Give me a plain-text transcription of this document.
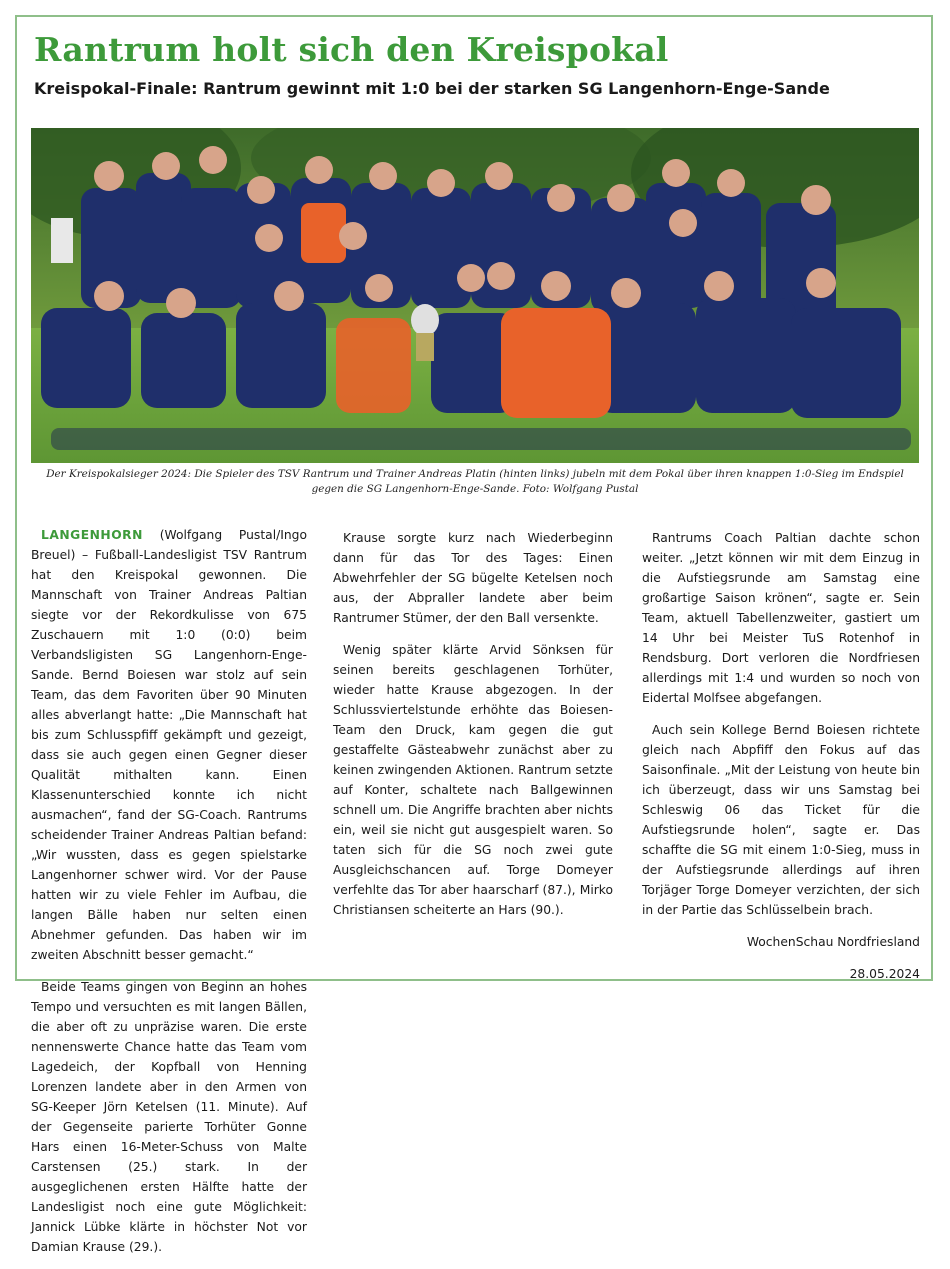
Rantrum holt sich den Kreispokal
Kreispokal-Finale: Rantrum gewinnt mit 1:0 bei der starken SG Langenhorn-Enge-Sande
Der Kreispokalsieger 2024: Die Spieler des TSV Rantrum und Trainer Andreas Platin (hinten links) jubeln mit dem Pokal über ihren knappen 1:0-Sieg im Endspiel gegen die SG Langenhorn-Enge-Sande. Foto: Wolfgang Pustal

LANGENHORN (Wolfgang Pustal/Ingo Breuel) – Fußball-Landesligist TSV Rantrum hat den Kreispokal gewonnen. Die Mannschaft von Trainer Andreas Paltian siegte vor der Rekordkulisse von 675 Zuschauern mit 1:0 (0:0) beim Verbandsligisten SG Langenhorn-Enge-Sande. Bernd Boiesen war stolz auf sein Team, das dem Favoriten über 90 Minuten alles abverlangt hatte: „Die Mannschaft hat bis zum Schlusspfiff gekämpft und gezeigt, dass sie auch gegen einen Gegner dieser Qualität mithalten kann. Einen Klassenunterschied konnte ich nicht ausmachen“, fand der SG-Coach. Rantrums scheidender Trainer Andreas Paltian befand: „Wir wussten, dass es gegen spielstarke Langenhorner schwer wird. Vor der Pause hatten wir zu viele Fehler im Aufbau, die langen Bälle haben nur selten einen Abnehmer gefunden. Das haben wir im zweiten Abschnitt besser gemacht.“

Beide Teams gingen von Beginn an hohes Tempo und versuchten es mit langen Bällen, die aber oft zu unpräzise waren. Die erste nennenswerte Chance hatte das Team vom Lagedeich, der Kopfball von Henning Lorenzen landete aber in den Armen von SG-Keeper Jörn Ketelsen (11. Minute). Auf der Gegenseite parierte Torhüter Gonne Hars einen 16-Meter-Schuss von Malte Carstensen (25.) stark. In der ausgeglichenen ersten Hälfte hatte der Landesligist noch eine gute Möglichkeit: Jannick Lübke klärte in höchster Not vor Damian Krause (29.).

Krause sorgte kurz nach Wiederbeginn dann für das Tor des Tages: Einen Abwehrfehler der SG bügelte Ketelsen noch aus, der Abpraller landete aber beim Rantrumer Stümer, der den Ball versenkte.

Wenig später klärte Arvid Sönksen für seinen bereits geschlagenen Torhüter, wieder hatte Krause abgezogen. In der Schlussviertelstunde erhöhte das Boiesen-Team den Druck, kam gegen die gut gestaffelte Gästeabwehr zunächst aber zu keinen zwingenden Aktionen. Rantrum setzte auf Konter, schaltete nach Ballgewinnen schnell um. Die Angriffe brachten aber nichts ein, weil sie nicht gut ausgespielt waren. So taten sich für die SG noch zwei gute Ausgleichschancen auf. Torge Domeyer verfehlte das Tor aber haarscharf (87.), Mirko Christiansen scheiterte an Hars (90.).

Rantrums Coach Paltian dachte schon weiter. „Jetzt können wir mit dem Einzug in die Aufstiegsrunde am Samstag eine großartige Saison krönen“, sagte er. Sein Team, aktuell Tabellenzweiter, gastiert um 14 Uhr bei Meister TuS Rotenhof in Rendsburg. Dort verloren die Nordfriesen allerdings mit 1:4 und wurden so noch von Eidertal Molfsee abgefangen.

Auch sein Kollege Bernd Boiesen richtete gleich nach Abpfiff den Fokus auf das Saisonfinale. „Mit der Leistung von heute bin ich überzeugt, dass wir uns Samstag bei Schleswig 06 das Ticket für die Aufstiegsrunde holen“, sagte er. Das schaffte die SG mit einem 1:0-Sieg, muss in der Aufstiegsrunde allerdings auf ihren Torjäger Torge Domeyer verzichten, der sich in der Partie das Schlüsselbein brach.

WochenSchau Nordfriesland

28.05.2024
